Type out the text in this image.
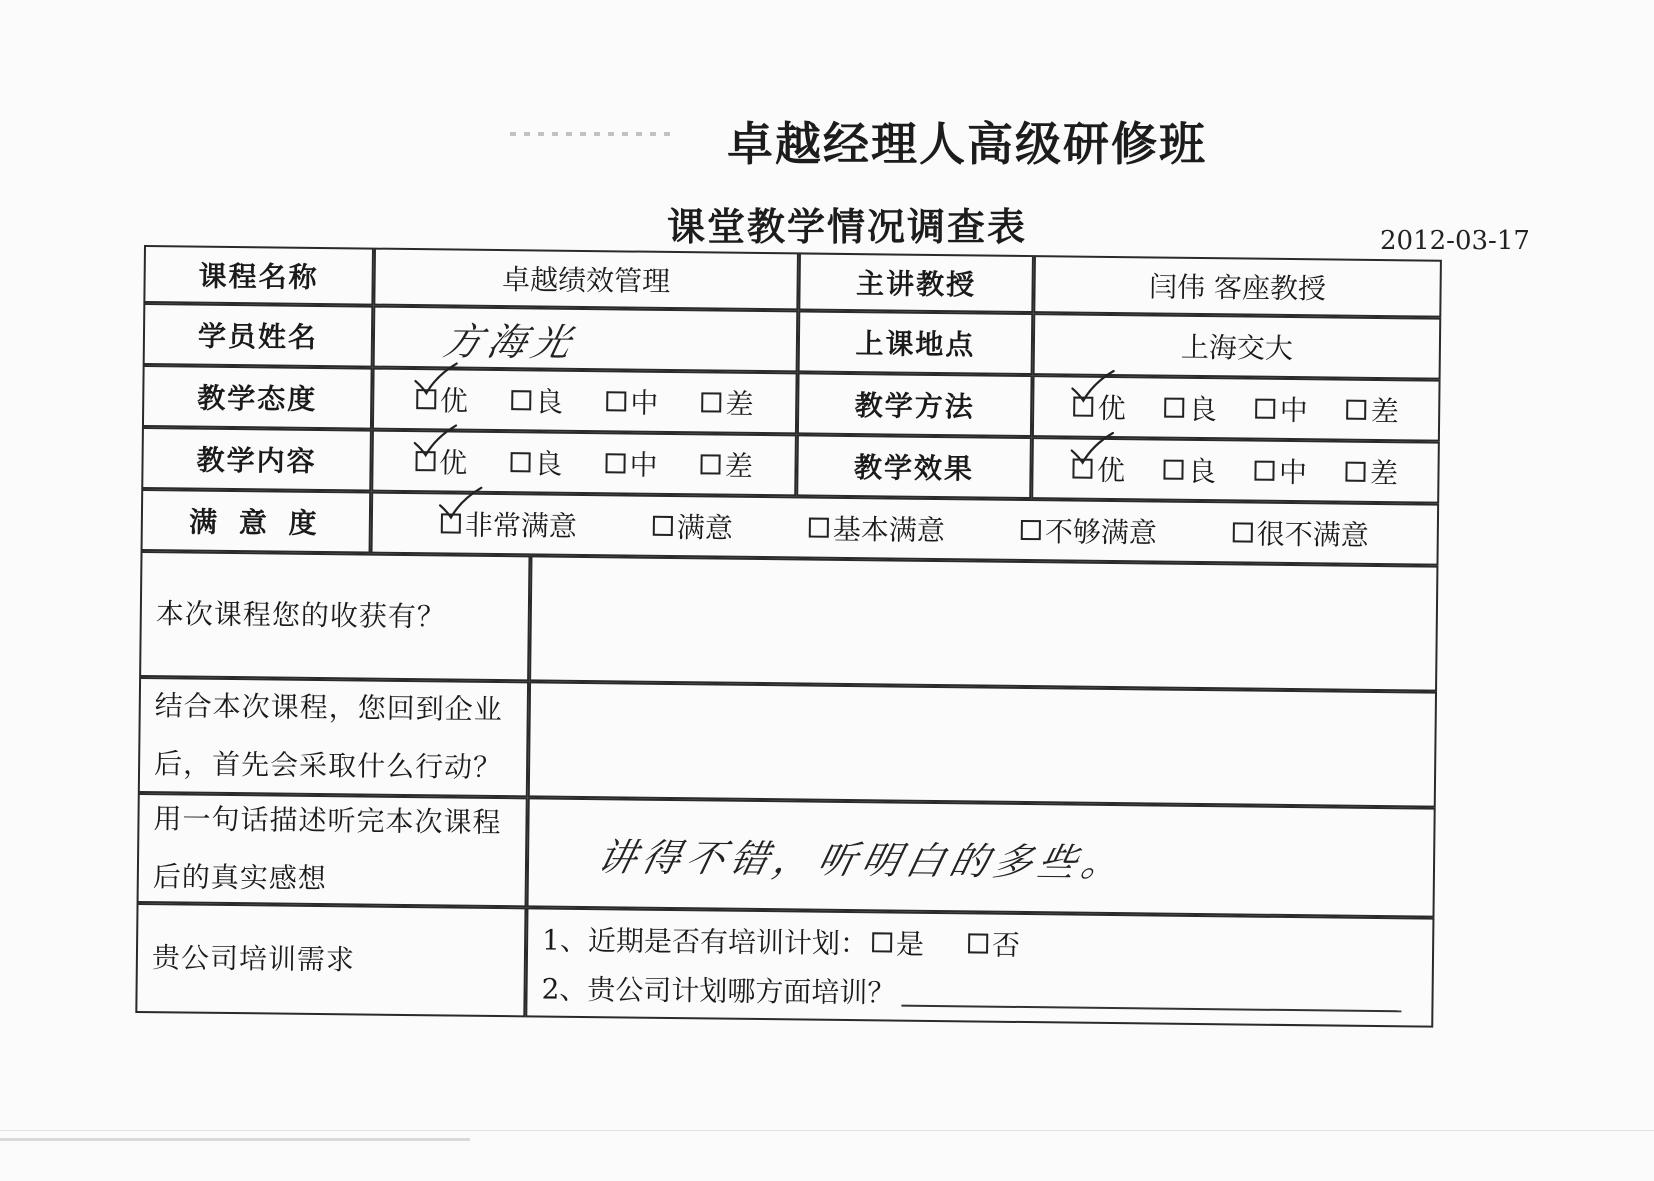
卓越经理人高级研修班
课堂教学情况调查表	2012-03-17
课程名称	卓越绩效管理	主讲教授	闫伟 客座教授
学员姓名	方海光	上课地点	上海交大
教学态度	优 良 中 差	教学方法	优 良 中 差
教学内容	优 良 中 差	教学效果	优 良 中 差
满 意 度	非常满意	满意	基本满意	不够满意	很不满意
本次课程您的收获有？
结合本次课程，您回到企业
后，首先会采取什么行动？
用一句话描述听完本次课程
后的真实感想	讲得不错，听明白的多些。
贵公司培训需求	1、近期是否有培训计划： 是 否
2、贵公司计划哪方面培训？
